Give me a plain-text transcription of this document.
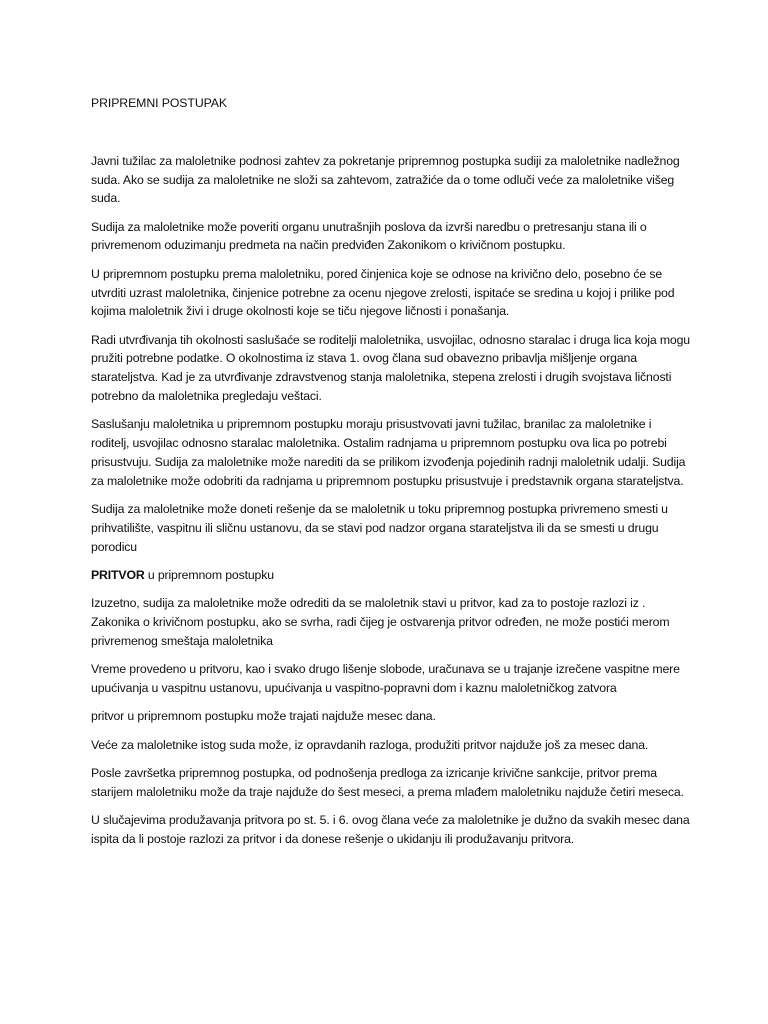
PRIPREMNI POSTUPAK

Javni tužilac za maloletnike podnosi zahtev za pokretanje pripremnog postupka sudiji za maloletnike nadležnog suda. Ako se sudija za maloletnike ne složi sa zahtevom, zatražiće da o tome odluči veće za maloletnike višeg suda.

Sudija za maloletnike može poveriti organu unutrašnjih poslova da izvrši naredbu o pretresanju stana ili o privremenom oduzimanju predmeta na način predviđen Zakonikom o krivičnom postupku.

U pripremnom postupku prema maloletniku, pored činjenica koje se odnose na krivično delo, posebno će se utvrditi uzrast maloletnika, činjenice potrebne za ocenu njegove zrelosti, ispitaće se sredina u kojoj i prilike pod kojima maloletnik živi i druge okolnosti koje se tiču njegove ličnosti i ponašanja.

Radi utvrđivanja tih okolnosti saslušaće se roditelji maloletnika, usvojilac, odnosno staralac i druga lica koja mogu pružiti potrebne podatke. O okolnostima iz stava 1. ovog člana sud obavezno pribavlja mišljenje organa starateljstva. Kad je za utvrđivanje zdravstvenog stanja maloletnika, stepena zrelosti i drugih svojstava ličnosti potrebno da maloletnika pregledaju veštaci.

Saslušanju maloletnika u pripremnom postupku moraju prisustvovati javni tužilac, branilac za maloletnike i roditelj, usvojilac odnosno staralac maloletnika. Ostalim radnjama u pripremnom postupku ova lica po potrebi prisustvuju. Sudija za maloletnike može narediti da se prilikom izvođenja pojedinih radnji maloletnik udalji. Sudija za maloletnike može odobriti da radnjama u pripremnom postupku prisustvuje i predstavnik organa starateljstva.

Sudija za maloletnike može doneti rešenje da se maloletnik u toku pripremnog postupka privremeno smesti u prihvatilište, vaspitnu ili sličnu ustanovu, da se stavi pod nadzor organa starateljstva ili da se smesti u drugu porodicu

PRITVOR u pripremnom postupku

Izuzetno, sudija za maloletnike može odrediti da se maloletnik stavi u pritvor, kad za to postoje razlozi iz . Zakonika o krivičnom postupku, ako se svrha, radi čijeg je ostvarenja pritvor određen, ne može postići merom privremenog smeštaja maloletnika

Vreme provedeno u pritvoru, kao i svako drugo lišenje slobode, uračunava se u trajanje izrečene vaspitne mere upućivanja u vaspitnu ustanovu, upućivanja u vaspitno-popravni dom i kaznu maloletničkog zatvora

pritvor u pripremnom postupku može trajati najduže mesec dana.

Veće za maloletnike istog suda može, iz opravdanih razloga, produžiti pritvor najduže još za mesec dana.

Posle završetka pripremnog postupka, od podnošenja predloga za izricanje krivične sankcije, pritvor prema starijem maloletniku može da traje najduže do šest meseci, a prema mlađem maloletniku najduže četiri meseca.

U slučajevima produžavanja pritvora po st. 5. i 6. ovog člana veće za maloletnike je dužno da svakih mesec dana ispita da li postoje razlozi za pritvor i da donese rešenje o ukidanju ili produžavanju pritvora.
